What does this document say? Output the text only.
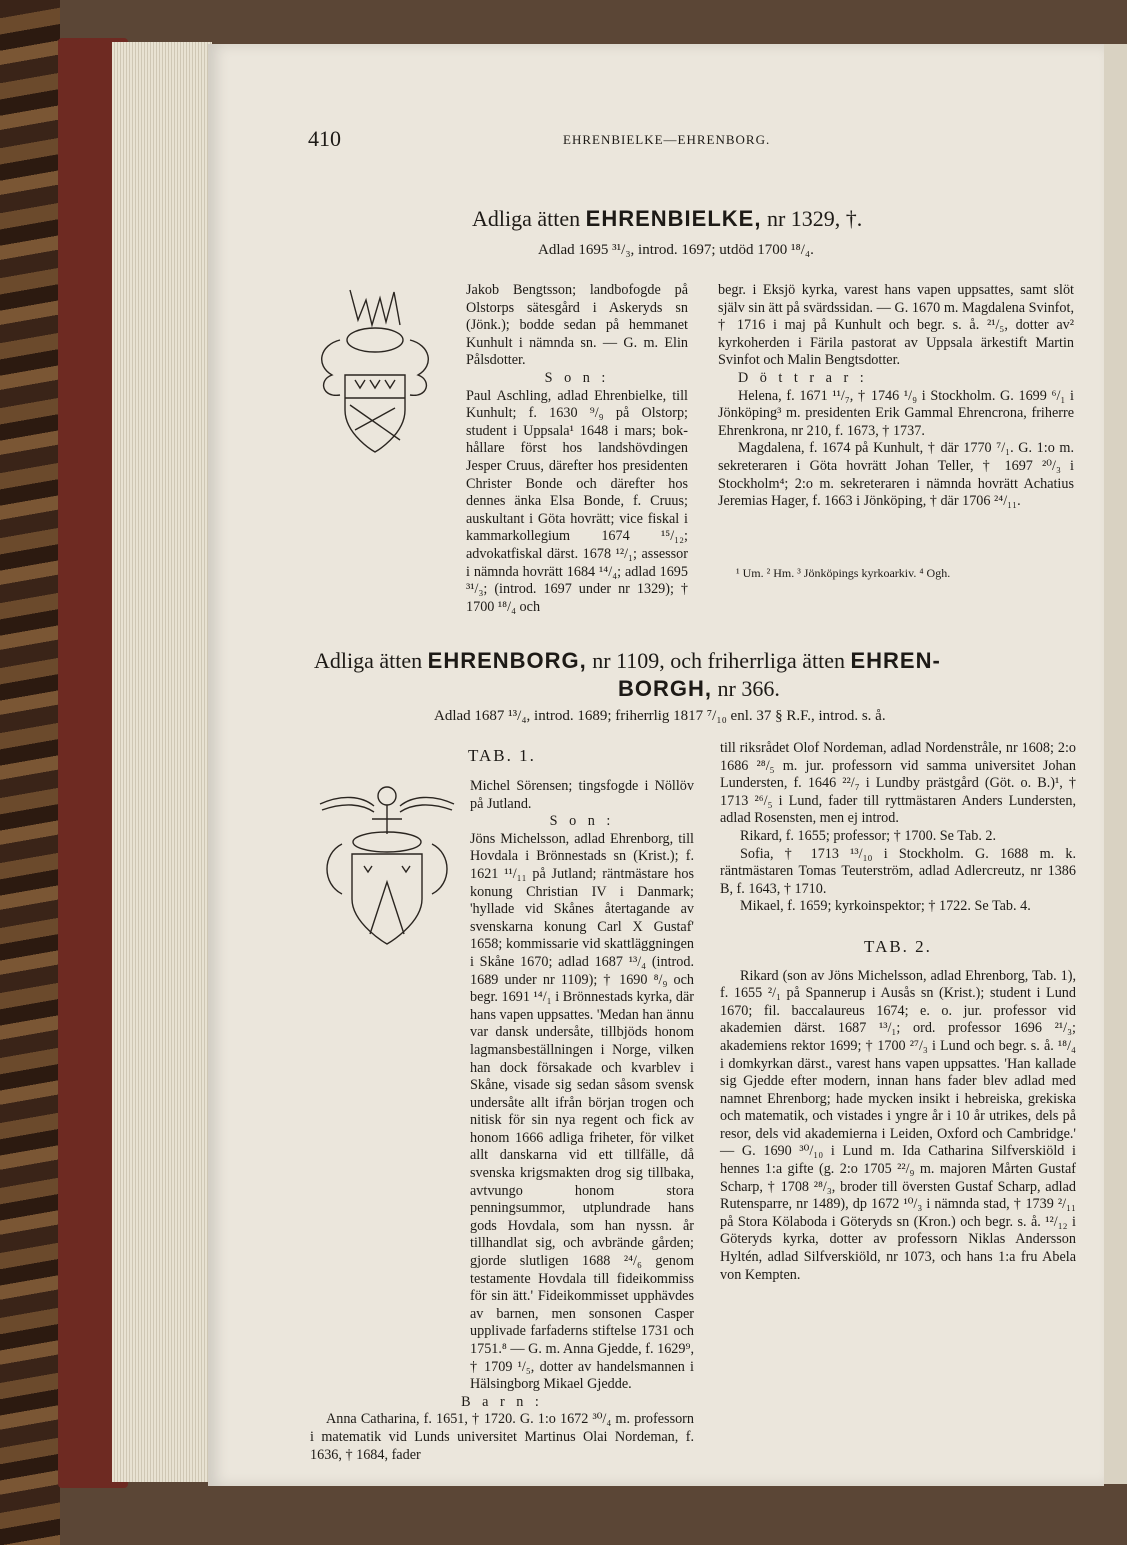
410	EHRENBIELKE—EHRENBORG.
Adliga ätten EHRENBIELKE, nr 1329, †.
Adlad 1695 ³¹/₃, introd. 1697; utdöd 1700 ¹⁸/₄.

Jakob Bengtsson; landbofogde på Olstorps sätesgård i Askeryds sn (Jönk.); bodde sedan på hemmanet Kunhult i nämnda sn. — G. m. Elin Pålsdotter.

S o n :

Paul Aschling, adlad Ehrenbielke, till Kunhult; f. 1630 ⁹/₉ på Olstorp; student i Uppsala¹ 1648 i mars; bokhållare först hos landshövdingen Jesper Cruus, därefter hos presidenten Christer Bonde och därefter hos dennes änka Elsa Bonde, f. Cruus; auskultant i Göta hovrätt; vice fiskal i kammarkollegium 1674 ¹⁵/₁₂; advokatfiskal därst. 1678 ¹²/₁; assessor i nämnda hovrätt 1684 ¹⁴/₄; adlad 1695 ³¹/₃; (introd. 1697 under nr 1329); † 1700 ¹⁸/₄ och

begr. i Eksjö kyrka, varest hans vapen uppsattes, samt slöt själv sin ätt på svärdssidan. — G. 1670 m. Magdalena Svinfot, † 1716 i maj på Kunhult och begr. s. å. ²¹/₅, dotter av² kyrkoherden i Färila pastorat av Uppsala ärkestift Martin Svinfot och Malin Bengtsdotter.

D ö t t r a r :

Helena, f. 1671 ¹¹/₇, † 1746 ¹/₉ i Stockholm. G. 1699 ⁶/₁ i Jönköping³ m. presidenten Erik Gammal Ehrencrona, friherre Ehrenkrona, nr 210, f. 1673, † 1737.

Magdalena, f. 1674 på Kunhult, † där 1770 ⁷/₁. G. 1:o m. sekreteraren i Göta hovrätt Johan Teller, † 1697 ²⁰/₃ i Stockholm⁴; 2:o m. sekreteraren i nämnda hovrätt Achatius Jeremias Hager, f. 1663 i Jönköping, † där 1706 ²⁴/₁₁.

¹ Um. ² Hm. ³ Jönköpings kyrkoarkiv. ⁴ Ogh.
Adliga ätten EHRENBORG, nr 1109, och friherrliga ätten EHREN-
BORGH, nr 366.
Adlad 1687 ¹³/₄, introd. 1689; friherrlig 1817 ⁷/₁₀ enl. 37 § R.F., introd. s. å.
TAB. 1.

Michel Sörensen; tingsfogde i Nöllöv på Jutland.

S o n :

Jöns Michelsson, adlad Ehrenborg, till Hovdala i Brönnestads sn (Krist.); f. 1621 ¹¹/₁₁ på Jutland; räntmästare hos konung Christian IV i Danmark; 'hyllade vid Skånes återtagande av svenskarna konung Carl X Gustaf' 1658; kommissarie vid skattläggningen i Skåne 1670; adlad 1687 ¹³/₄ (introd. 1689 under nr 1109); † 1690 ⁸/₉ och begr. 1691 ¹⁴/₁ i Brönnestads kyrka, där hans vapen uppsattes. 'Medan han ännu var dansk undersåte, tillbjöds honom lagmansbeställningen i Norge, vilken han dock försakade och kvarblev i Skåne, visade sig sedan såsom svensk undersåte allt ifrån början trogen och nitisk för sin nya regent och fick av honom 1666 adliga friheter, för vilket allt danskarna vid ett tillfälle, då svenska krigsmakten drog sig tillbaka, avtvungo honom stora penningsummor, utplundrade hans gods Hovdala, som han nyssn. år tillhandlat sig, och avbrände gården; gjorde slutligen 1688 ²⁴/₆ genom testamente Hovdala till fideikommiss för sin ätt.' Fideikommisset upphävdes av barnen, men sonsonen Casper upplivade farfaderns stiftelse 1731 och 1751.⁸ — G. m. Anna Gjedde, f. 1629⁹, † 1709 ¹/₅, dotter av handelsmannen i Hälsingborg Mikael Gjedde.

B a r n :

Anna Catharina, f. 1651, † 1720. G. 1:o 1672 ³⁰/₄ m. professorn i matematik vid Lunds universitet Martinus Olai Nordeman, f. 1636, † 1684, fader

till riksrådet Olof Nordeman, adlad Nordenstråle, nr 1608; 2:o 1686 ²⁸/₅ m. jur. professorn vid samma universitet Johan Lundersten, f. 1646 ²²/₇ i Lundby prästgård (Göt. o. B.)¹, † 1713 ²⁶/₅ i Lund, fader till ryttmästaren Anders Lundersten, adlad Rosensten, men ej introd.

Rikard, f. 1655; professor; † 1700. Se Tab. 2.

Sofia, † 1713 ¹³/₁₀ i Stockholm. G. 1688 m. k. räntmästaren Tomas Teuterström, adlad Adlercreutz, nr 1386 B, f. 1643, † 1710.

Mikael, f. 1659; kyrkoinspektor; † 1722. Se Tab. 4.

TAB. 2.

Rikard (son av Jöns Michelsson, adlad Ehrenborg, Tab. 1), f. 1655 ²/₁ på Spannerup i Ausås sn (Krist.); student i Lund 1670; fil. baccalaureus 1674; e. o. jur. professor vid akademien därst. 1687 ¹³/₁; ord. professor 1696 ²¹/₃; akademiens rektor 1699; † 1700 ²⁷/₃ i Lund och begr. s. å. ¹⁸/₄ i domkyrkan därst., varest hans vapen uppsattes. 'Han kallade sig Gjedde efter modern, innan hans fader blev adlad med namnet Ehrenborg; hade mycken insikt i hebreiska, grekiska och matematik, och vistades i yngre år i 10 år utrikes, dels på resor, dels vid akademierna i Leiden, Oxford och Cambridge.' — G. 1690 ³⁰/₁₀ i Lund m. Ida Catharina Silfverskiöld i hennes 1:a gifte (g. 2:o 1705 ²²/₉ m. majoren Mårten Gustaf Scharp, † 1708 ²⁸/₃, broder till översten Gustaf Scharp, adlad Rutensparre, nr 1489), dp 1672 ¹⁰/₃ i nämnda stad, † 1739 ²/₁₁ på Stora Kölaboda i Göteryds sn (Kron.) och begr. s. å. ¹²/₁₂ i Göteryds kyrka, dotter av professorn Niklas Andersson Hyltén, adlad Silfverskiöld, nr 1073, och hans 1:a fru Abela von Kempten.
